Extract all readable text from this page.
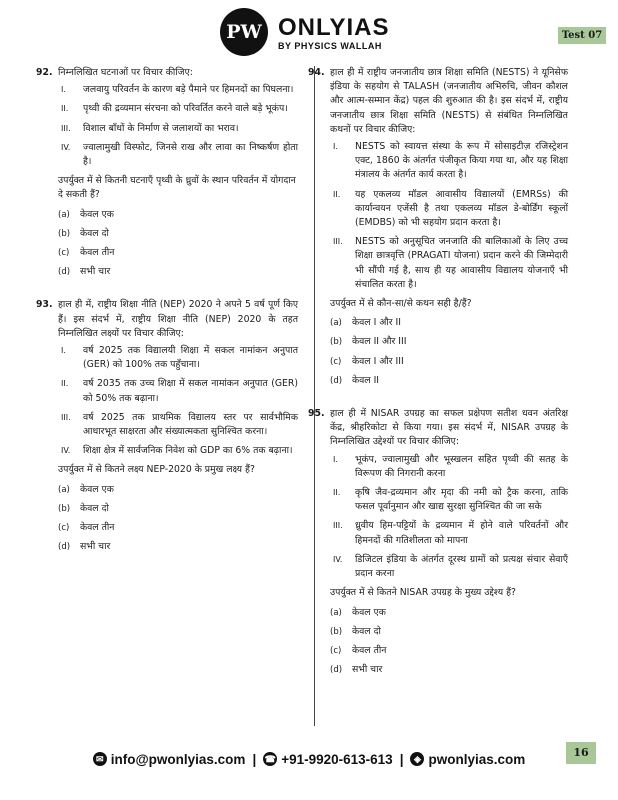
PW ONLYIAS
BY PHYSICS WALLAH
Test 07
92. निम्नलिखित घटनाओं पर विचार कीजिए:
I.	जलवायु परिवर्तन के कारण बड़े पैमाने पर हिमनदों का पिघलना।
II.	पृथ्वी की द्रव्यमान संरचना को परिवर्तित करने वाले बड़े भूकंप।
III.	विशाल बाँधों के निर्माण से जलाशयों का भराव।
IV.	ज्वालामुखी विस्फोट, जिनसे राख और लावा का निष्कर्षण होता है।
उपर्युक्त में से कितनी घटनाएँ पृथ्वी के ध्रुवों के स्थान परिवर्तन में योगदान दे सकती हैं?
(a)	केवल एक
(b)	केवल दो
(c)	केवल तीन
(d)	सभी चार
93. हाल ही में, राष्ट्रीय शिक्षा नीति (NEP) 2020 ने अपने 5 वर्ष पूर्ण किए हैं। इस संदर्भ में, राष्ट्रीय शिक्षा नीति (NEP) 2020 के तहत निम्नलिखित लक्ष्यों पर विचार कीजिए:
I.	वर्ष 2025 तक विद्यालयी शिक्षा में सकल नामांकन अनुपात (GER) को 100% तक पहुँचाना।
II.	वर्ष 2035 तक उच्च शिक्षा में सकल नामांकन अनुपात (GER) को 50% तक बढ़ाना।
III.	वर्ष 2025 तक प्राथमिक विद्यालय स्तर पर सार्वभौमिक आधारभूत साक्षरता और संख्यात्मकता सुनिश्चित करना।
IV.	शिक्षा क्षेत्र में सार्वजनिक निवेश को GDP का 6% तक बढ़ाना।
उपर्युक्त में से कितने लक्ष्य NEP-2020 के प्रमुख लक्ष्य हैं?
(a)	केवल एक
(b)	केवल दो
(c)	केवल तीन
(d)	सभी चार
94. हाल ही में राष्ट्रीय जनजातीय छात्र शिक्षा समिति (NESTS) ने यूनिसेफ इंडिया के सहयोग से TALASH (जनजातीय अभिरुचि, जीवन कौशल और आत्म-सम्मान केंद्र) पहल की शुरुआत की है। इस संदर्भ में, राष्ट्रीय जनजातीय छात्र शिक्षा समिति (NESTS) से संबंधित निम्नलिखित कथनों पर विचार कीजिए:
I.	NESTS को स्वायत्त संस्था के रूप में सोसाइटीज़ रजिस्ट्रेशन एक्ट, 1860 के अंतर्गत पंजीकृत किया गया था, और यह शिक्षा मंत्रालय के अंतर्गत कार्य करता है।
II.	यह एकलव्य मॉडल आवासीय विद्यालयों (EMRSs) की कार्यान्वयन एजेंसी है तथा एकलव्य मॉडल डे-बोर्डिंग स्कूलों (EMDBS) को भी सहयोग प्रदान करता है।
III.	NESTS को अनुसूचित जनजाति की बालिकाओं के लिए उच्च शिक्षा छात्रवृत्ति (PRAGATI योजना) प्रदान करने की जिम्मेदारी भी सौंपी गई है, साथ ही यह आवासीय विद्यालय योजनाएँ भी संचालित करता है।
उपर्युक्त में से कौन-सा/से कथन सही है/हैं?
(a)	केवल I और II
(b)	केवल II और III
(c)	केवल I और III
(d)	केवल II
95. हाल ही में NISAR उपग्रह का सफल प्रक्षेपण सतीश धवन अंतरिक्ष केंद्र, श्रीहरिकोटा से किया गया। इस संदर्भ में, NISAR उपग्रह के निम्नलिखित उद्देश्यों पर विचार कीजिए:
I.	भूकंप, ज्वालामुखी और भूस्खलन सहित पृथ्वी की सतह के विरूपण की निगरानी करना
II.	कृषि जैव-द्रव्यमान और मृदा की नमी को ट्रैक करना, ताकि फसल पूर्वानुमान और खाद्य सुरक्षा सुनिश्चित की जा सके
III.	ध्रुवीय हिम-पट्टियों के द्रव्यमान में होने वाले परिवर्तनों और हिमनदों की गतिशीलता को मापना
IV.	डिजिटल इंडिया के अंतर्गत दूरस्थ ग्रामों को प्रत्यक्ष संचार सेवाएँ प्रदान करना
उपर्युक्त में से कितने NISAR उपग्रह के मुख्य उद्देश्य हैं?
(a)	केवल एक
(b)	केवल दो
(c)	केवल तीन
(d)	सभी चार
✉ info@pwonlyias.com | ☎ +91-9920-613-613 |	◈ pwonlyias.com	16
